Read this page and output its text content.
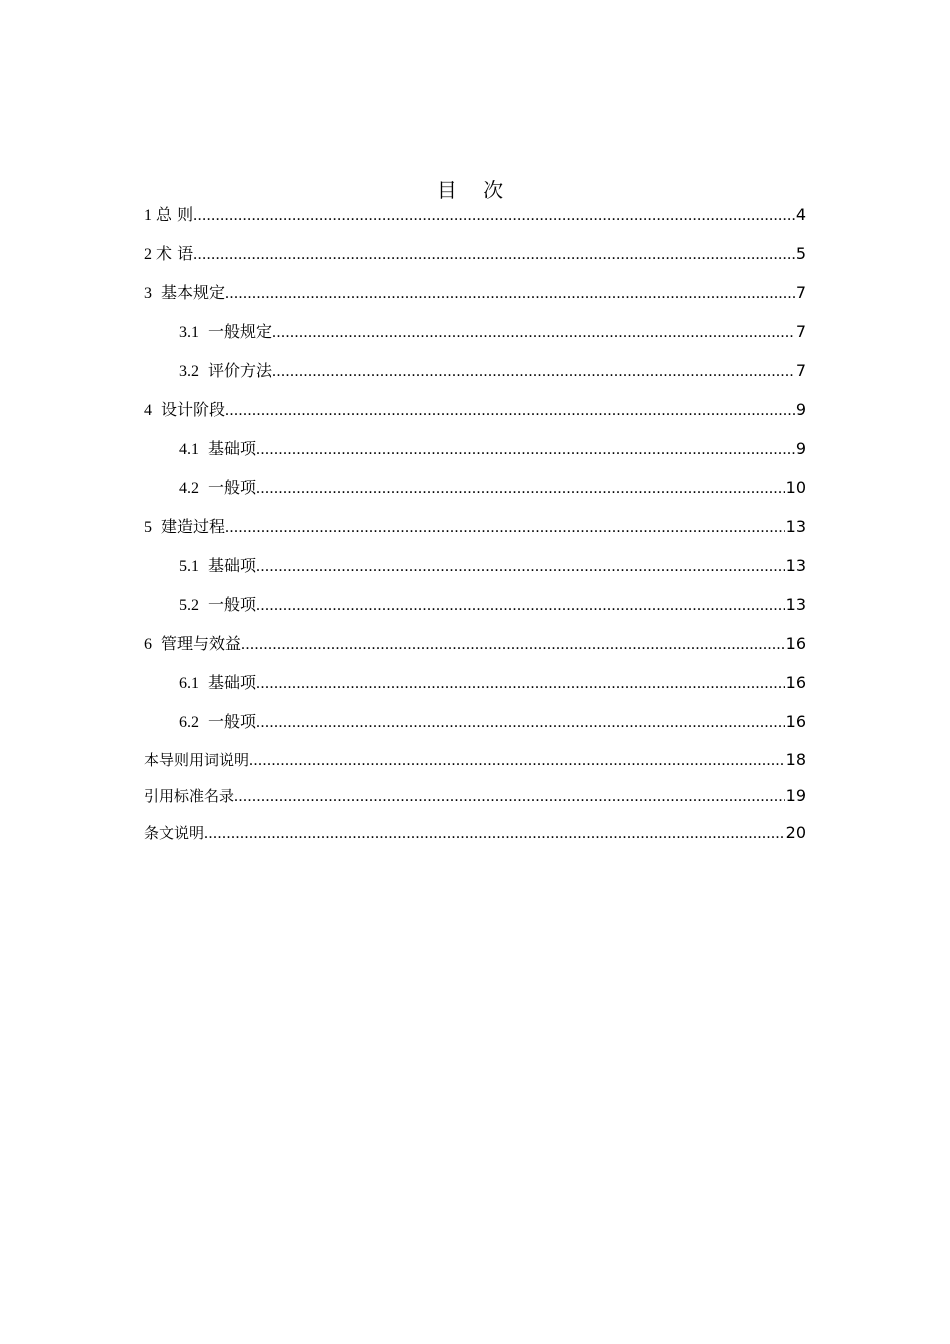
目 次
1 总 则 .....	4
2 术 语 .....	5
3 基本规定 .....	7
3.1 一般规定 .....	7
3.2 评价方法 .....	7
4 设计阶段 .....	9
4.1 基础项 .....	9
4.2 一般项 .....	10
5 建造过程 .....	13
5.1 基础项 .....	13
5.2 一般项 .....	13
6 管理与效益 .....	16
6.1 基础项 .....	16
6.2 一般项 .....	16
本导则用词说明 .....	18
引用标准名录 .....	19
条文说明 .....	20
